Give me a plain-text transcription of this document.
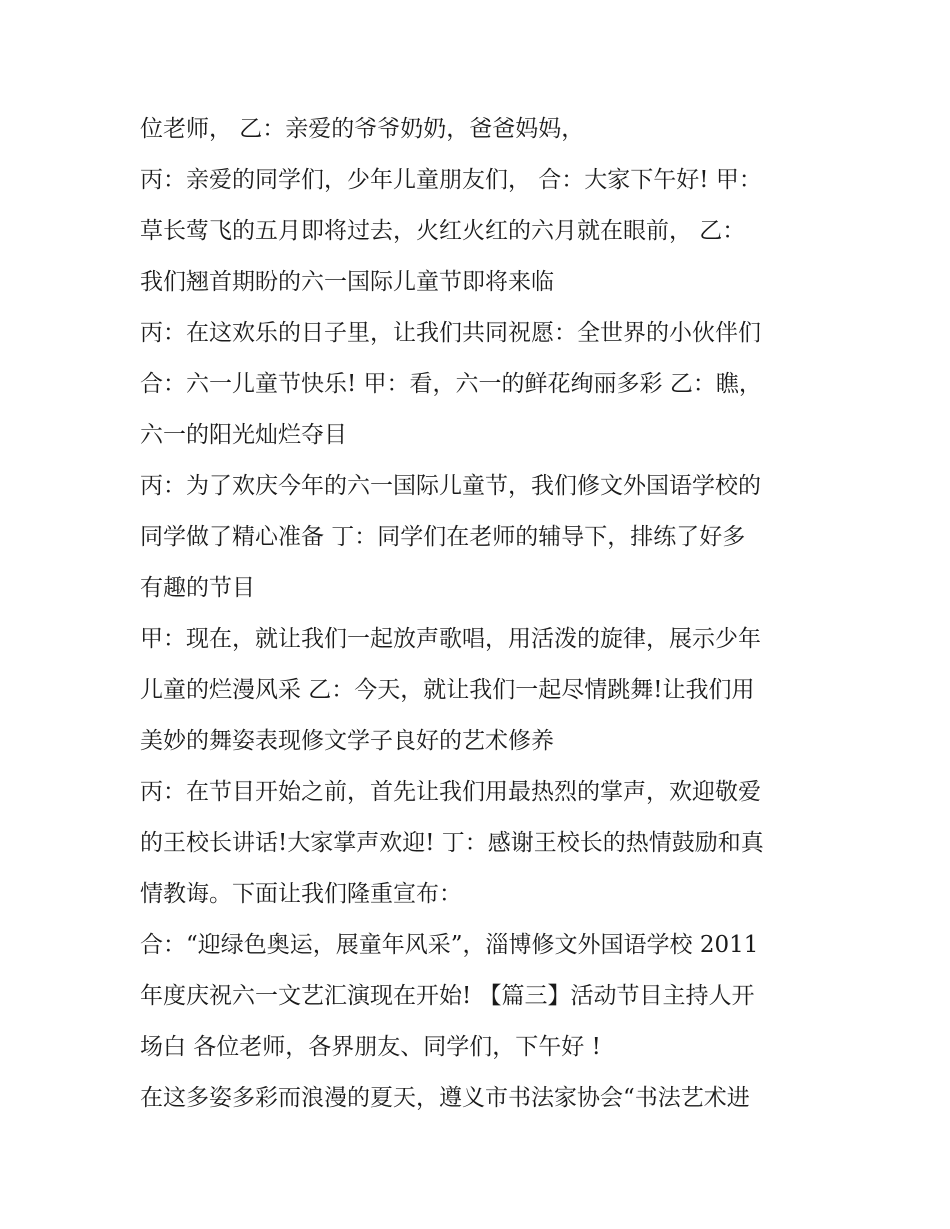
位老师， 乙：亲爱的爷爷奶奶，爸爸妈妈，
丙：亲爱的同学们，少年儿童朋友们， 合：大家下午好! 甲：
草长莺飞的五月即将过去，火红火红的六月就在眼前， 乙：
我们翘首期盼的六一国际儿童节即将来临
丙：在这欢乐的日子里，让我们共同祝愿：全世界的小伙伴们
合：六一儿童节快乐! 甲：看，六一的鲜花绚丽多彩 乙：瞧，
六一的阳光灿烂夺目
丙：为了欢庆今年的六一国际儿童节，我们修文外国语学校的
同学做了精心准备 丁：同学们在老师的辅导下，排练了好多
有趣的节目
甲：现在，就让我们一起放声歌唱，用活泼的旋律，展示少年
儿童的烂漫风采 乙：今天，就让我们一起尽情跳舞!让我们用
美妙的舞姿表现修文学子良好的艺术修养
丙：在节目开始之前，首先让我们用最热烈的掌声，欢迎敬爱
的王校长讲话!大家掌声欢迎! 丁：感谢王校长的热情鼓励和真
情教诲。下面让我们隆重宣布：
合：“迎绿色奥运，展童年风采”，淄博修文外国语学校 2011
年度庆祝六一文艺汇演现在开始! 【篇三】活动节目主持人开
场白 各位老师，各界朋友、同学们，下午好 !
在这多姿多彩而浪漫的夏天，遵义市书法家协会“书法艺术进
